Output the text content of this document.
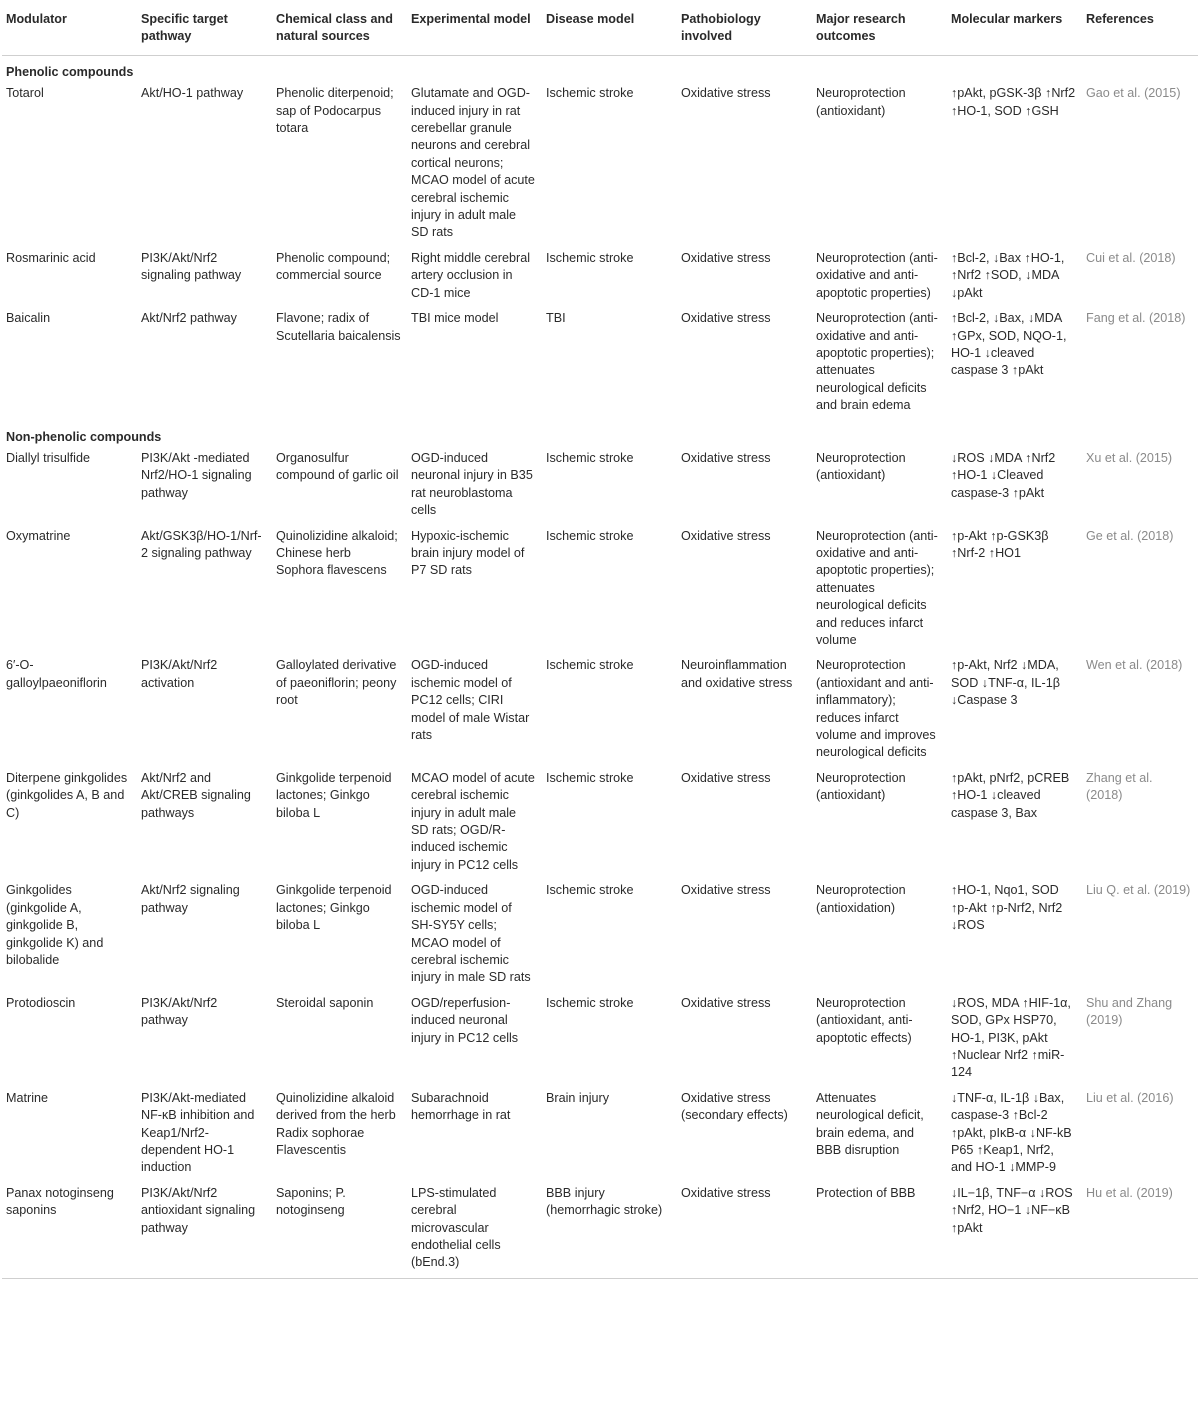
Modulator	Specific target pathway	Chemical class and natural sources	Experimental model	Disease model	Pathobiology involved	Major research outcomes	Molecular markers	References
Phenolic compounds								
Totarol	Akt/HO-1 pathway	Phenolic diterpenoid; sap of Podocarpus totara	Glutamate and OGD-induced injury in rat cerebellar granule neurons and cerebral cortical neurons; MCAO model of acute cerebral ischemic injury in adult male SD rats	Ischemic stroke	Oxidative stress	Neuroprotection (antioxidant)	↑pAkt, pGSK-3β ↑Nrf2 ↑HO-1, SOD ↑GSH	Gao et al. (2015)
Rosmarinic acid	PI3K/Akt/Nrf2 signaling pathway	Phenolic compound; commercial source	Right middle cerebral artery occlusion in CD-1 mice	Ischemic stroke	Oxidative stress	Neuroprotection (anti-oxidative and anti-apoptotic properties)	↑Bcl-2, ↓Bax ↑HO-1, ↑Nrf2 ↑SOD, ↓MDA ↓pAkt	Cui et al. (2018)
Baicalin	Akt/Nrf2 pathway	Flavone; radix of Scutellaria baicalensis	TBI mice model	TBI	Oxidative stress	Neuroprotection (anti-oxidative and anti-apoptotic properties); attenuates neurological deficits and brain edema	↑Bcl-2, ↓Bax, ↓MDA ↑GPx, SOD, NQO-1, HO-1 ↓cleaved caspase 3 ↑pAkt	Fang et al. (2018)
Non-phenolic compounds								
Diallyl trisulfide	PI3K/Akt -mediated Nrf2/HO-1 signaling pathway	Organosulfur compound of garlic oil	OGD-induced neuronal injury in B35 rat neuroblastoma cells	Ischemic stroke	Oxidative stress	Neuroprotection (antioxidant)	↓ROS ↓MDA ↑Nrf2 ↑HO-1 ↓Cleaved caspase-3 ↑pAkt	Xu et al. (2015)
Oxymatrine	Akt/GSK3β/HO-1/Nrf-2 signaling pathway	Quinolizidine alkaloid; Chinese herb Sophora flavescens	Hypoxic-ischemic brain injury model of P7 SD rats	Ischemic stroke	Oxidative stress	Neuroprotection (anti-oxidative and anti-apoptotic properties); attenuates neurological deficits and reduces infarct volume	↑p-Akt ↑p-GSK3β ↑Nrf-2 ↑HO1	Ge et al. (2018)
6′-O-galloylpaeoniflorin	PI3K/Akt/Nrf2 activation	Galloylated derivative of paeoniflorin; peony root	OGD-induced ischemic model of PC12 cells; CIRI model of male Wistar rats	Ischemic stroke	Neuroinflammation and oxidative stress	Neuroprotection (antioxidant and anti-inflammatory); reduces infarct volume and improves neurological deficits	↑p-Akt, Nrf2 ↓MDA, SOD ↓TNF-α, IL-1β ↓Caspase 3	Wen et al. (2018)
Diterpene ginkgolides (ginkgolides A, B and C)	Akt/Nrf2 and Akt/CREB signaling pathways	Ginkgolide terpenoid lactones; Ginkgo biloba L	MCAO model of acute cerebral ischemic injury in adult male SD rats; OGD/R-induced ischemic injury in PC12 cells	Ischemic stroke	Oxidative stress	Neuroprotection (antioxidant)	↑pAkt, pNrf2, pCREB ↑HO-1 ↓cleaved caspase 3, Bax	Zhang et al. (2018)
Ginkgolides (ginkgolide A, ginkgolide B, ginkgolide K) and bilobalide	Akt/Nrf2 signaling pathway	Ginkgolide terpenoid lactones; Ginkgo biloba L	OGD-induced ischemic model of SH-SY5Y cells; MCAO model of cerebral ischemic injury in male SD rats	Ischemic stroke	Oxidative stress	Neuroprotection (antioxidation)	↑HO-1, Nqo1, SOD ↑p-Akt ↑p-Nrf2, Nrf2 ↓ROS	Liu Q. et al. (2019)
Protodioscin	PI3K/Akt/Nrf2 pathway	Steroidal saponin	OGD/reperfusion-induced neuronal injury in PC12 cells	Ischemic stroke	Oxidative stress	Neuroprotection (antioxidant, anti-apoptotic effects)	↓ROS, MDA ↑HIF-1α, SOD, GPx HSP70, HO-1, PI3K, pAkt ↑Nuclear Nrf2 ↑miR-124	Shu and Zhang (2019)
Matrine	PI3K/Akt-mediated NF-κB inhibition and Keap1/Nrf2-dependent HO-1 induction	Quinolizidine alkaloid derived from the herb Radix sophorae Flavescentis	Subarachnoid hemorrhage in rat	Brain injury	Oxidative stress (secondary effects)	Attenuates neurological deficit, brain edema, and BBB disruption	↓TNF-α, IL-1β ↓Bax, caspase-3 ↑Bcl-2 ↑pAkt, pIκB-α ↓NF-kB P65 ↑Keap1, Nrf2, and HO-1 ↓MMP-9	Liu et al. (2016)
Panax notoginseng saponins	PI3K/Akt/Nrf2 antioxidant signaling pathway	Saponins; P. notoginseng	LPS-stimulated cerebral microvascular endothelial cells (bEnd.3)	BBB injury (hemorrhagic stroke)	Oxidative stress	Protection of BBB	↓IL−1β, TNF−α ↓ROS ↑Nrf2, HO−1 ↓NF−κB ↑pAkt	Hu et al. (2019)
